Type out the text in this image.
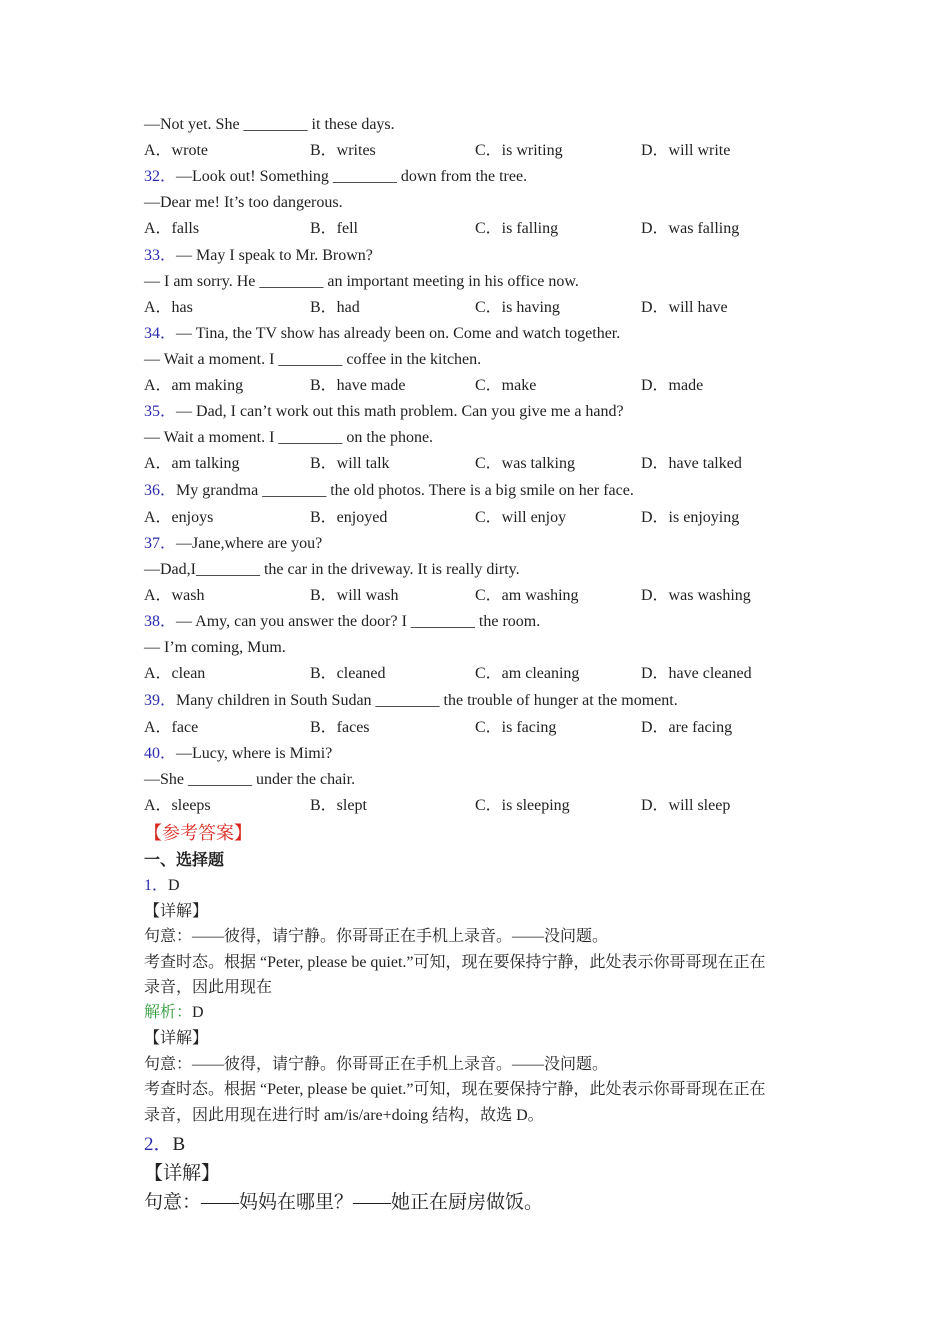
—Not yet. She ________ it these days.
A．wrote	B．writes	C．is writing	D．will write
32．—Look out! Something ________ down from the tree.
—Dear me! It’s too dangerous.
A．falls	B．fell	C．is falling	D．was falling
33．— May I speak to Mr. Brown?
— I am sorry. He ________ an important meeting in his office now.
A．has	B．had	C．is having	D．will have
34．— Tina, the TV show has already been on. Come and watch together.
— Wait a moment. I ________ coffee in the kitchen.
A．am making	B．have made	C．make	D．made
35．— Dad, I can’t work out this math problem. Can you give me a hand?
— Wait a moment. I ________ on the phone.
A．am talking	B．will talk	C．was talking	D．have talked
36．My grandma ________ the old photos. There is a big smile on her face.
A．enjoys	B．enjoyed	C．will enjoy	D．is enjoying
37．—Jane,where are you?
—Dad,I________ the car in the driveway. It is really dirty.
A．wash	B．will wash	C．am washing	D．was washing
38．— Amy, can you answer the door? I ________ the room.
— I’m coming, Mum.
A．clean	B．cleaned	C．am cleaning	D．have cleaned
39．Many children in South Sudan ________ the trouble of hunger at the moment.
A．face	B．faces	C．is facing	D．are facing
40．—Lucy, where is Mimi?
—She ________ under the chair.
A．sleeps	B．slept	C．is sleeping	D．will sleep
【参考答案】
一、选择题
1．D
【详解】
句意：——彼得，请宁静。你哥哥正在手机上录音。——没问题。
考查时态。根据 “Peter, please be quiet.”可知，现在要保持宁静，此处表示你哥哥现在正在
录音，因此用现在
解析：D
【详解】
句意：——彼得，请宁静。你哥哥正在手机上录音。——没问题。
考查时态。根据 “Peter, please be quiet.”可知，现在要保持宁静，此处表示你哥哥现在正在
录音，因此用现在进行时 am/is/are+doing 结构，故选 D。
2．B
【详解】
句意：——妈妈在哪里？——她正在厨房做饭。
